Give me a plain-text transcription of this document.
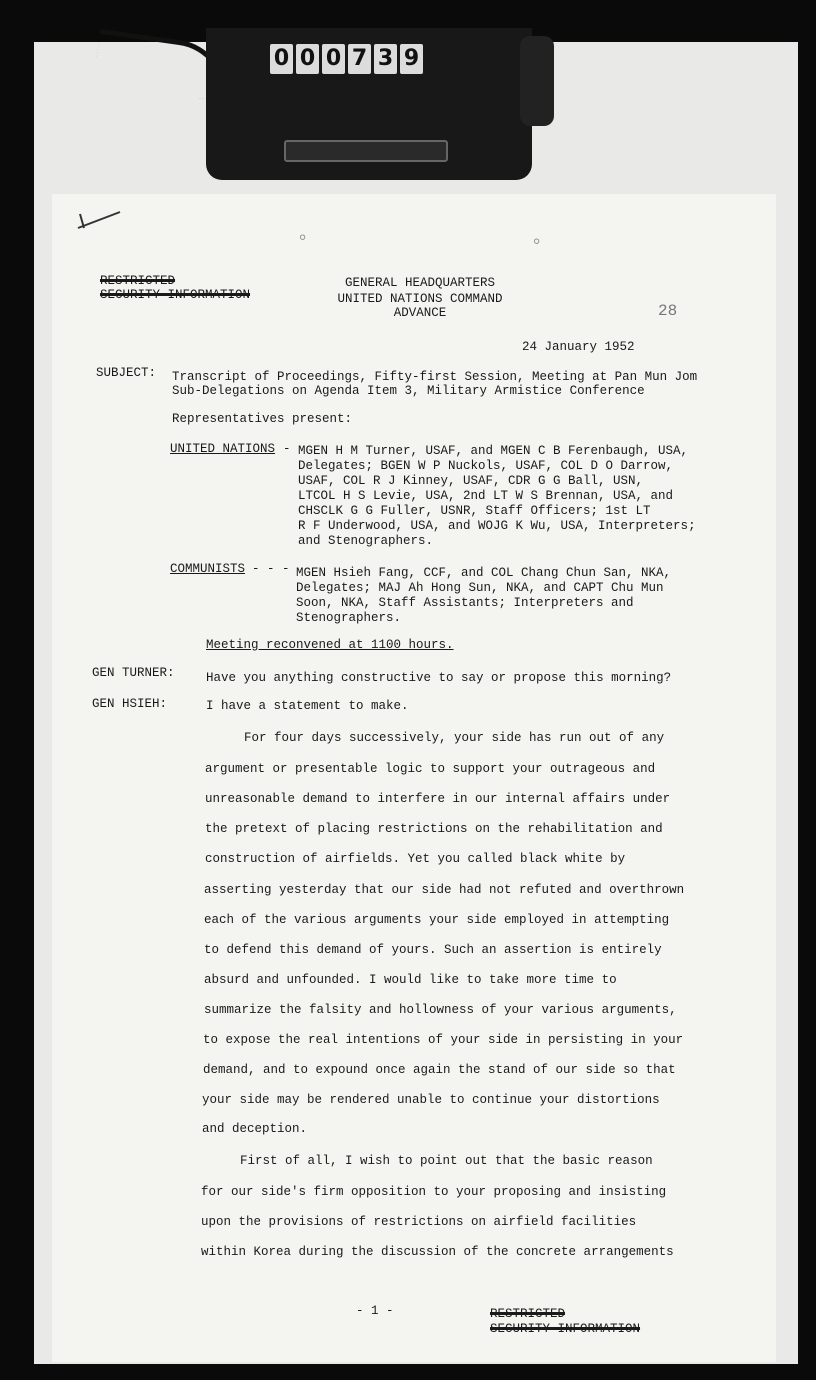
0 0 0 7 3 9
◦	◦
RESTRICTED
SECURITY INFORMATION
GENERAL HEADQUARTERS
UNITED NATIONS COMMAND
ADVANCE	28
24 January 1952
SUBJECT: Transcript of Proceedings, Fifty-first Session, Meeting at Pan Mun Jom
Sub-Delegations on Agenda Item 3, Military Armistice Conference
Representatives present:
UNITED NATIONS - MGEN H M Turner, USAF, and MGEN C B Ferenbaugh, USA,
Delegates; BGEN W P Nuckols, USAF, COL D O Darrow,
USAF, COL R J Kinney, USAF, CDR G G Ball, USN,
LTCOL H S Levie, USA, 2nd LT W S Brennan, USA, and
CHSCLK G G Fuller, USNR, Staff Officers; 1st LT
R F Underwood, USA, and WOJG K Wu, USA, Interpreters;
and Stenographers.
COMMUNISTS - - - MGEN Hsieh Fang, CCF, and COL Chang Chun San, NKA,
Delegates; MAJ Ah Hong Sun, NKA, and CAPT Chu Mun
Soon, NKA, Staff Assistants; Interpreters and
Stenographers.
Meeting reconvened at 1100 hours.
GEN TURNER:	Have you anything constructive to say or propose this morning?
GEN HSIEH:	I have a statement to make.
For four days successively, your side has run out of any
argument or presentable logic to support your outrageous and
unreasonable demand to interfere in our internal affairs under
the pretext of placing restrictions on the rehabilitation and
construction of airfields. Yet you called black white by
asserting yesterday that our side had not refuted and overthrown
each of the various arguments your side employed in attempting
to defend this demand of yours. Such an assertion is entirely
absurd and unfounded. I would like to take more time to
summarize the falsity and hollowness of your various arguments,
to expose the real intentions of your side in persisting in your
demand, and to expound once again the stand of our side so that
your side may be rendered unable to continue your distortions
and deception.
First of all, I wish to point out that the basic reason
for our side's firm opposition to your proposing and insisting
upon the provisions of restrictions on airfield facilities
within Korea during the discussion of the concrete arrangements
- 1 -	RESTRICTED
SECURITY INFORMATION
